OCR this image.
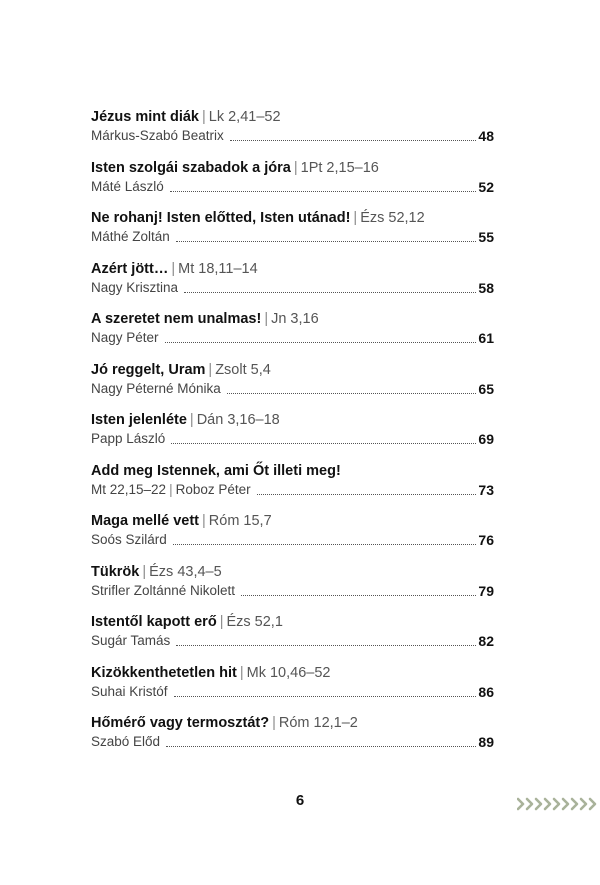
Jézus mint diák | Lk 2,41–52
Márkus-Szabó Beatrix	48
Isten szolgái szabadok a jóra | 1Pt 2,15–16
Máté László	52
Ne rohanj! Isten előtted, Isten utánad! | Ézs 52,12
Máthé Zoltán	55
Azért jött… | Mt 18,11–14
Nagy Krisztina	58
A szeretet nem unalmas! | Jn 3,16
Nagy Péter	61
Jó reggelt, Uram | Zsolt 5,4
Nagy Péterné Mónika	65
Isten jelenléte | Dán 3,16–18
Papp László	69
Add meg Istennek, ami Őt illeti meg!
Mt 22,15–22 | Roboz Péter	73
Maga mellé vett | Róm 15,7
Soós Szilárd	76
Tükrök | Ézs 43,4–5
Strifler Zoltánné Nikolett	79
Istentől kapott erő | Ézs 52,1
Sugár Tamás	82
Kizökkenthetetlen hit | Mk 10,46–52
Suhai Kristóf	86
Hőmérő vagy termosztát? | Róm 12,1–2
Szabó Előd	89
6
